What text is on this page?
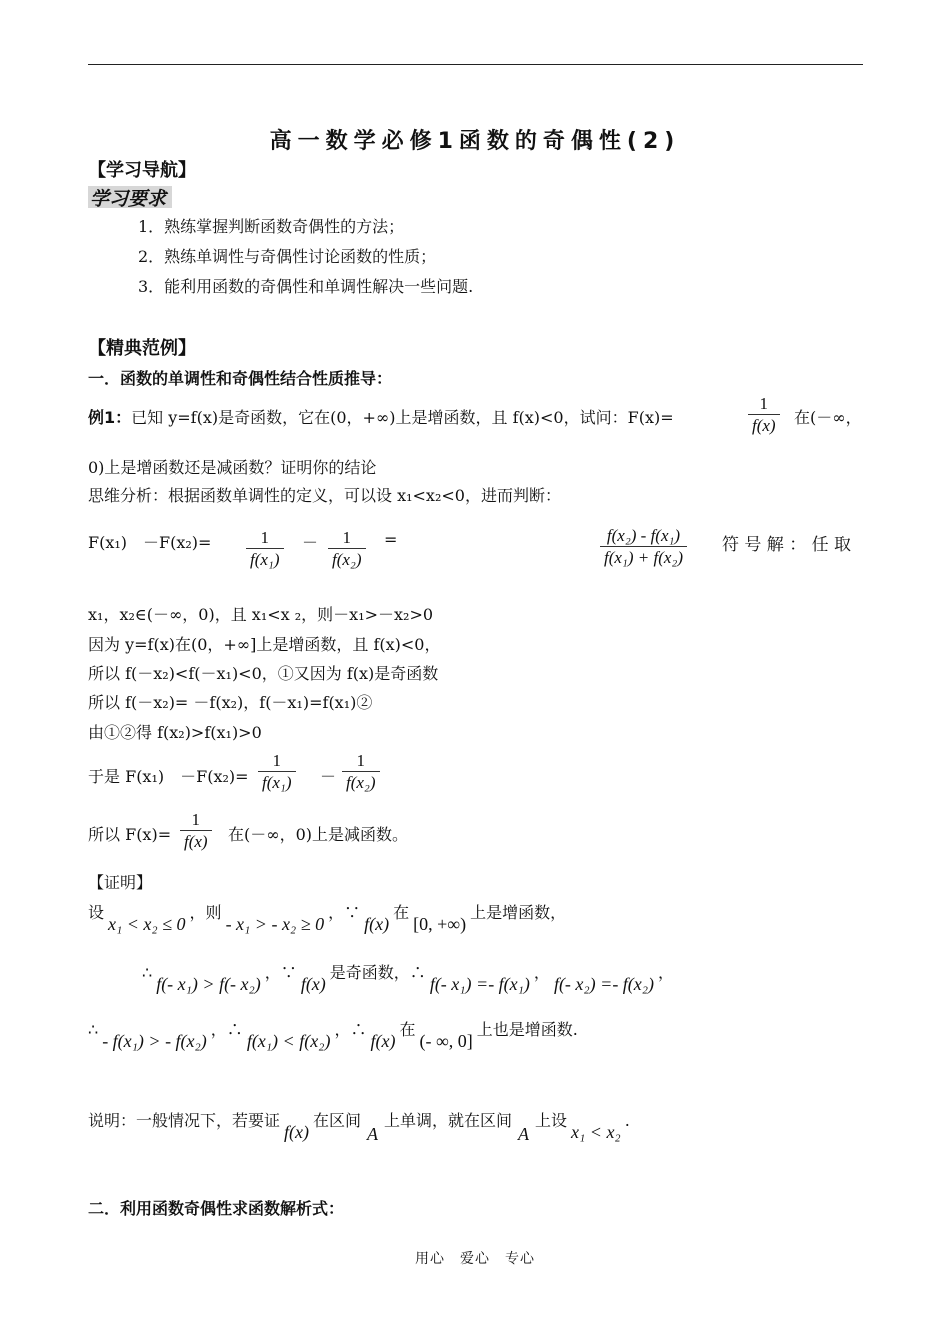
高一数学必修1函数的奇偶性(2)
【学习导航】
学习要求
1．熟练掌握判断函数奇偶性的方法；
2．熟练单调性与奇偶性讨论函数的性质；
3．能利用函数的奇偶性和单调性解决一些问题.
【精典范例】
一．函数的单调性和奇偶性结合性质推导：
例1：已知 y=f(x)是奇函数，它在(0，+∞)上是增函数，且 f(x)<0，试问：F(x)=
1
f(x) 在(－∞，
0)上是增函数还是减函数？证明你的结论
思维分析：根据函数单调性的定义，可以设 x₁<x₂<0，进而判断：
F(x₁)　－F(x₂)=	1
f(x₁)
－ 1
f(x₂)
=	f(x₂) - f(x₁)
f(x₁) + f(x₂)
符 号 解 ： 任 取
x₁，x₂∈(－∞，0)，且 x₁<x ₂，则－x₁>－x₂>0
因为 y=f(x)在(0，+∞]上是增函数，且 f(x)<0，
所以 f(－x₂)<f(－x₁)<0，①又因为 f(x)是奇函数
所以 f(－x₂)= －f(x₂)，f(－x₁)=f(x₁)②
由①②得 f(x₂)>f(x₁)>0
于是 F(x₁)　－F(x₂)=
1
f(x₁) －
1
f(x₂)
所以 F(x)=
1
f(x) 在(－∞，0)上是减函数。
【证明】
设x₁ < x₂ ≤ 0，则- x₁ > - x₂ ≥ 0，∵f(x)在[0, +∞)上是增函数，
∴f(- x₁) > f(- x₂)，∵f(x)是奇函数，∴f(- x₁) =- f(x₁)，f(- x₂) =- f(x₂)，
∴- f(x₁) > - f(x₂)，∴f(x₁) < f(x₂)，∴f(x)在(- ∞, 0]上也是增函数.
说明：一般情况下，若要证f(x)在区间A上单调，就在区间A上设x₁ < x₂.
二．利用函数奇偶性求函数解析式：
用心　爱心　专心
